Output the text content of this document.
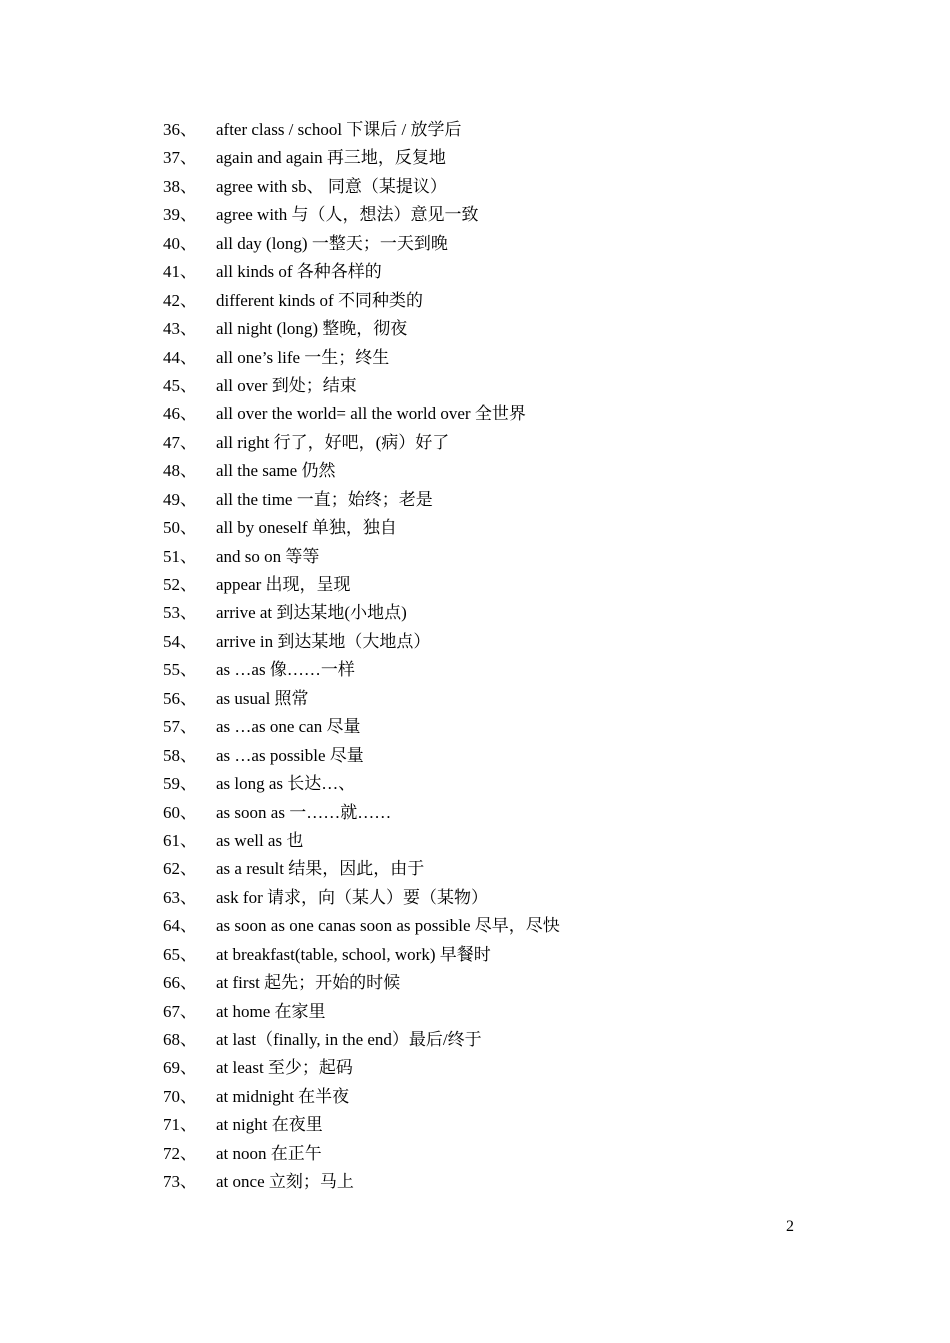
36、 after class / school 下课后 / 放学后
37、 again and again 再三地，反复地
38、 agree with sb、 同意（某提议）
39、 agree with 与（人，想法）意见一致
40、 all day (long) 一整天；一天到晚
41、 all kinds of 各种各样的
42、 different kinds of 不同种类的
43、 all night (long) 整晚，彻夜
44、 all one’s life 一生；终生
45、 all over 到处；结束
46、 all over the world= all the world over 全世界
47、 all right 行了，好吧，(病）好了
48、 all the same 仍然
49、 all the time 一直；始终；老是
50、 all by oneself 单独，独自
51、 and so on 等等
52、 appear 出现，呈现
53、 arrive at 到达某地(小地点)
54、 arrive in 到达某地（大地点）
55、 as …as 像……一样
56、 as usual 照常
57、 as …as one can 尽量
58、 as …as possible 尽量
59、 as long as 长达…、
60、 as soon as 一……就……
61、 as well as 也
62、 as a result 结果，因此，由于
63、 ask for 请求，向（某人）要（某物）
64、 as soon as one canas soon as possible 尽早，尽快
65、 at breakfast(table, school, work) 早餐时
66、 at first 起先；开始的时候
67、 at home 在家里
68、 at last（finally, in the end）最后/终于
69、 at least 至少；起码
70、 at midnight 在半夜
71、 at night 在夜里
72、 at noon 在正午
73、 at once 立刻；马上
2
